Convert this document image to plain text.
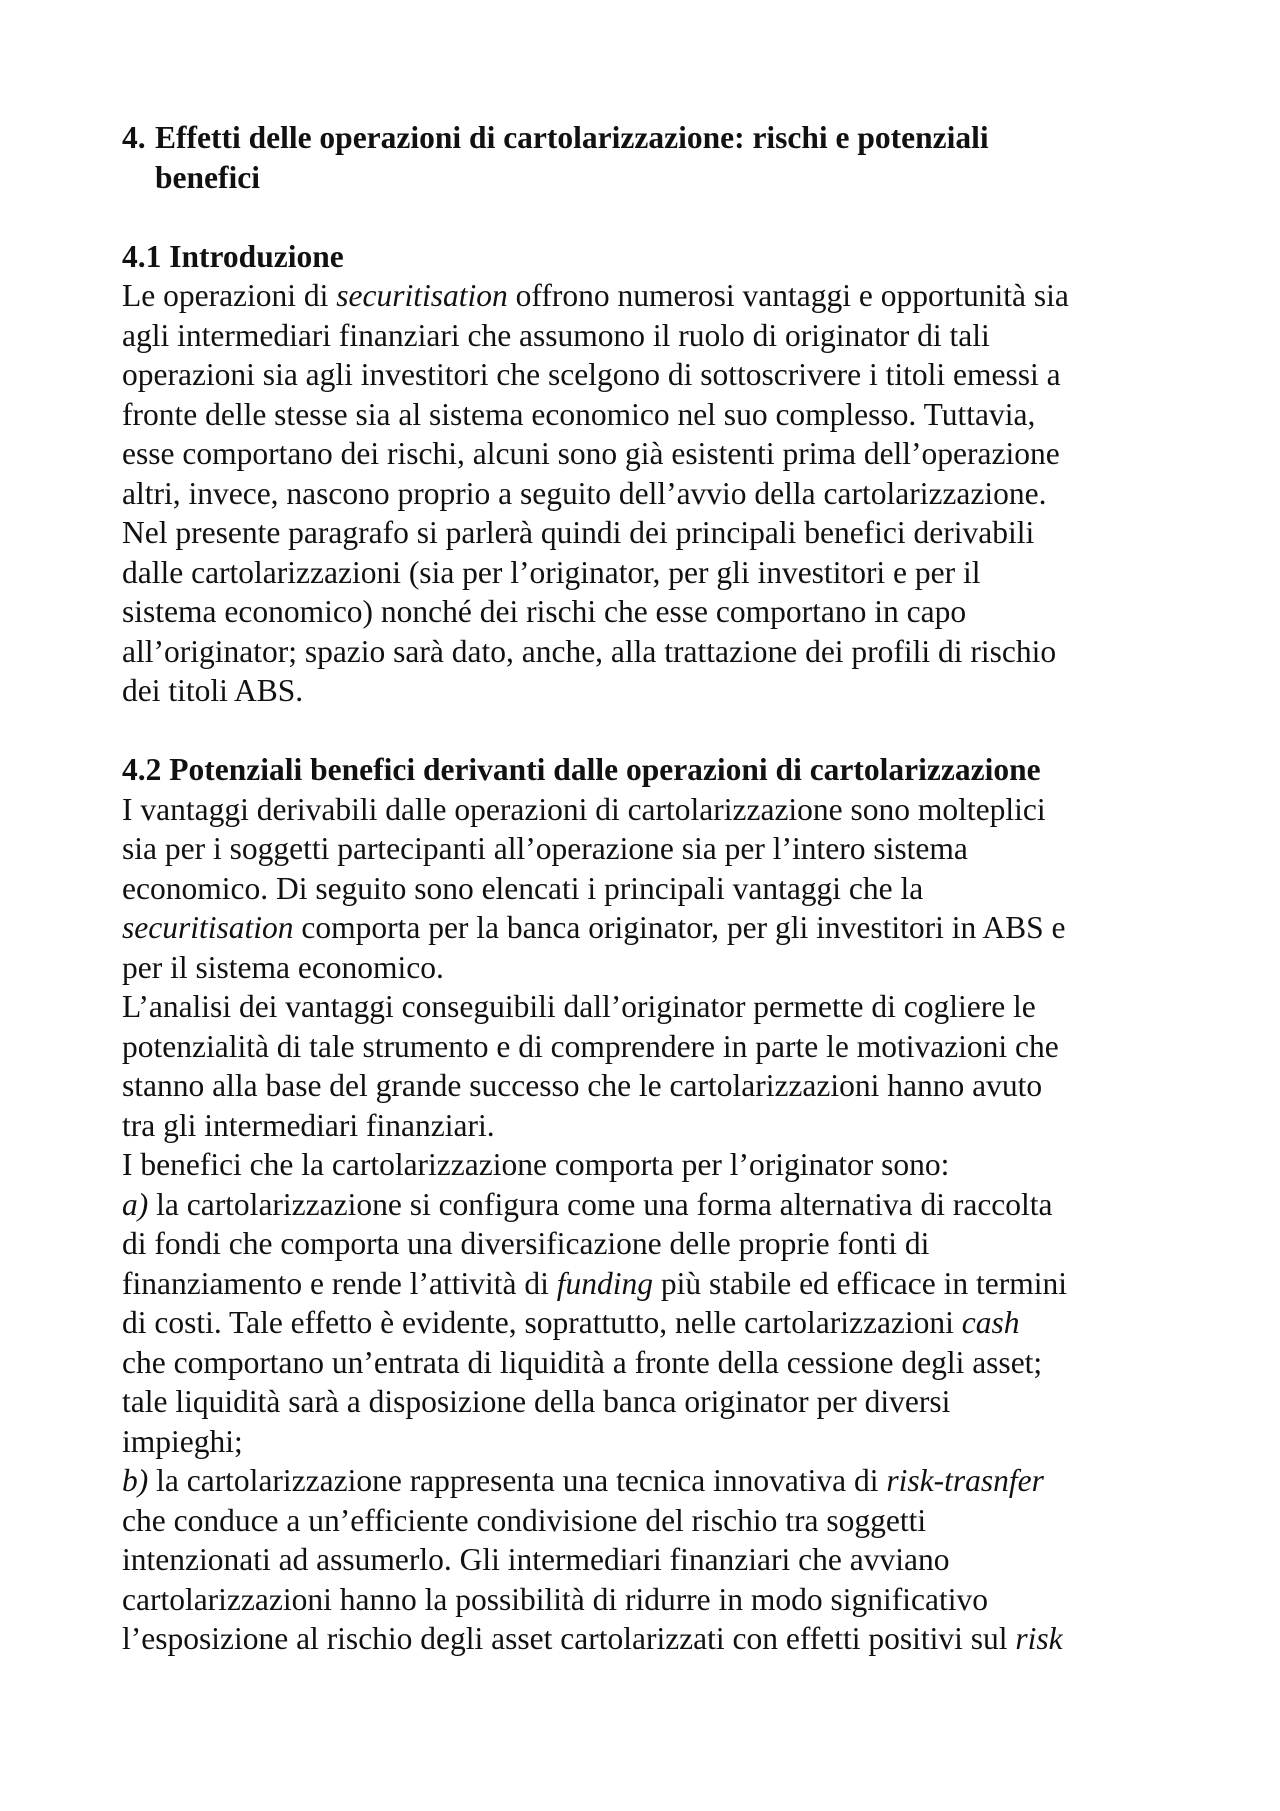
4. Effetti delle operazioni di cartolarizzazione: rischi e potenziali
benefici
4.1 Introduzione
Le operazioni di securitisation offrono numerosi vantaggi e opportunità sia
agli intermediari finanziari che assumono il ruolo di originator di tali
operazioni sia agli investitori che scelgono di sottoscrivere i titoli emessi a
fronte delle stesse sia al sistema economico nel suo complesso. Tuttavia,
esse comportano dei rischi, alcuni sono già esistenti prima dell’operazione
altri, invece, nascono proprio a seguito dell’avvio della cartolarizzazione.
Nel presente paragrafo si parlerà quindi dei principali benefici derivabili
dalle cartolarizzazioni (sia per l’originator, per gli investitori e per il
sistema economico) nonché dei rischi che esse comportano in capo
all’originator; spazio sarà dato, anche, alla trattazione dei profili di rischio
dei titoli ABS.
4.2 Potenziali benefici derivanti dalle operazioni di cartolarizzazione
I vantaggi derivabili dalle operazioni di cartolarizzazione sono molteplici
sia per i soggetti partecipanti all’operazione sia per l’intero sistema
economico. Di seguito sono elencati i principali vantaggi che la
securitisation comporta per la banca originator, per gli investitori in ABS e
per il sistema economico.
L’analisi dei vantaggi conseguibili dall’originator permette di cogliere le
potenzialità di tale strumento e di comprendere in parte le motivazioni che
stanno alla base del grande successo che le cartolarizzazioni hanno avuto
tra gli intermediari finanziari.
I benefici che la cartolarizzazione comporta per l’originator sono:
a) la cartolarizzazione si configura come una forma alternativa di raccolta
di fondi che comporta una diversificazione delle proprie fonti di
finanziamento e rende l’attività di funding più stabile ed efficace in termini
di costi. Tale effetto è evidente, soprattutto, nelle cartolarizzazioni cash
che comportano un’entrata di liquidità a fronte della cessione degli asset;
tale liquidità sarà a disposizione della banca originator per diversi
impieghi;
b) la cartolarizzazione rappresenta una tecnica innovativa di risk-trasnfer
che conduce a un’efficiente condivisione del rischio tra soggetti
intenzionati ad assumerlo. Gli intermediari finanziari che avviano
cartolarizzazioni hanno la possibilità di ridurre in modo significativo
l’esposizione al rischio degli asset cartolarizzati con effetti positivi sul risk
